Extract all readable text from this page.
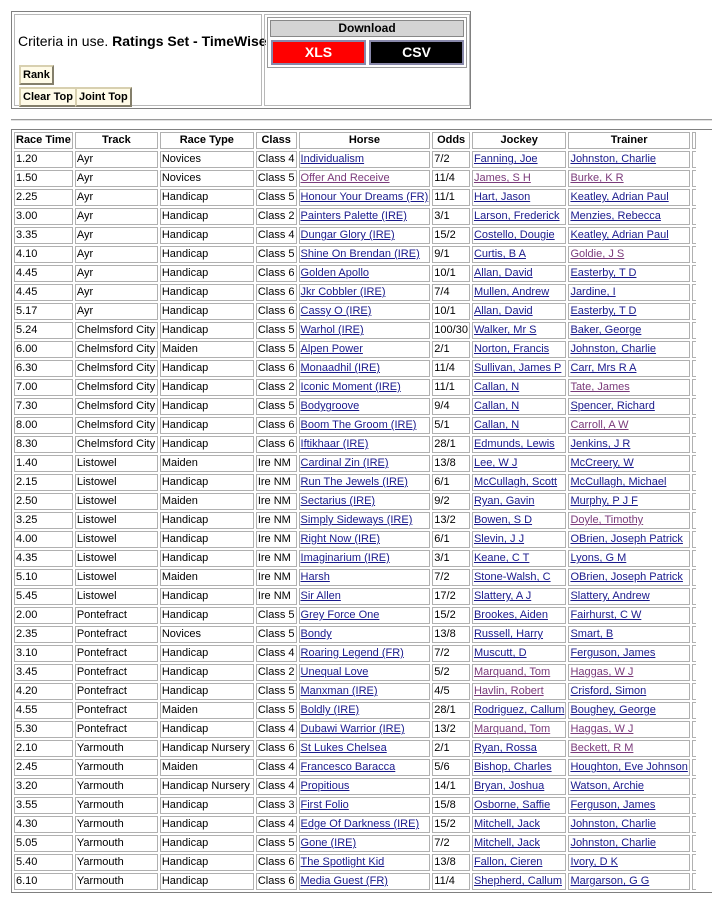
Criteria in use. Ratings Set - TimeWise
Rank
Clear Top Joint Top
Download
XLS	CSV
Race Time	Track	Race Type	Class	Horse	Odds	Jockey	Trainer	
1.20	Ayr	Novices	Class 4	Individualism	7/2	Fanning, Joe	Johnston, Charlie	
1.50	Ayr	Novices	Class 5	Offer And Receive	11/4	James, S H	Burke, K R	
2.25	Ayr	Handicap	Class 5	Honour Your Dreams (FR)	11/1	Hart, Jason	Keatley, Adrian Paul	
3.00	Ayr	Handicap	Class 2	Painters Palette (IRE)	3/1	Larson, Frederick	Menzies, Rebecca	
3.35	Ayr	Handicap	Class 4	Dungar Glory (IRE)	15/2	Costello, Dougie	Keatley, Adrian Paul	
4.10	Ayr	Handicap	Class 5	Shine On Brendan (IRE)	9/1	Curtis, B A	Goldie, J S	
4.45	Ayr	Handicap	Class 6	Golden Apollo	10/1	Allan, David	Easterby, T D	
4.45	Ayr	Handicap	Class 6	Jkr Cobbler (IRE)	7/4	Mullen, Andrew	Jardine, I	
5.17	Ayr	Handicap	Class 6	Cassy O (IRE)	10/1	Allan, David	Easterby, T D	
5.24	Chelmsford City	Handicap	Class 5	Warhol (IRE)	100/30	Walker, Mr S	Baker, George	
6.00	Chelmsford City	Maiden	Class 5	Alpen Power	2/1	Norton, Francis	Johnston, Charlie	
6.30	Chelmsford City	Handicap	Class 6	Monaadhil (IRE)	11/4	Sullivan, James P	Carr, Mrs R A	
7.00	Chelmsford City	Handicap	Class 2	Iconic Moment (IRE)	11/1	Callan, N	Tate, James	
7.30	Chelmsford City	Handicap	Class 5	Bodygroove	9/4	Callan, N	Spencer, Richard	
8.00	Chelmsford City	Handicap	Class 6	Boom The Groom (IRE)	5/1	Callan, N	Carroll, A W	
8.30	Chelmsford City	Handicap	Class 6	Iftikhaar (IRE)	28/1	Edmunds, Lewis	Jenkins, J R	
1.40	Listowel	Maiden	Ire NM	Cardinal Zin (IRE)	13/8	Lee, W J	McCreery, W	
2.15	Listowel	Handicap	Ire NM	Run The Jewels (IRE)	6/1	McCullagh, Scott	McCullagh, Michael	
2.50	Listowel	Maiden	Ire NM	Sectarius (IRE)	9/2	Ryan, Gavin	Murphy, P J F	
3.25	Listowel	Handicap	Ire NM	Simply Sideways (IRE)	13/2	Bowen, S D	Doyle, Timothy	
4.00	Listowel	Handicap	Ire NM	Right Now (IRE)	6/1	Slevin, J J	OBrien, Joseph Patrick	
4.35	Listowel	Handicap	Ire NM	Imaginarium (IRE)	3/1	Keane, C T	Lyons, G M	
5.10	Listowel	Maiden	Ire NM	Harsh	7/2	Stone-Walsh, C	OBrien, Joseph Patrick	
5.45	Listowel	Handicap	Ire NM	Sir Allen	17/2	Slattery, A J	Slattery, Andrew	
2.00	Pontefract	Handicap	Class 5	Grey Force One	15/2	Brookes, Aiden	Fairhurst, C W	
2.35	Pontefract	Novices	Class 5	Bondy	13/8	Russell, Harry	Smart, B	
3.10	Pontefract	Handicap	Class 4	Roaring Legend (FR)	7/2	Muscutt, D	Ferguson, James	
3.45	Pontefract	Handicap	Class 2	Unequal Love	5/2	Marquand, Tom	Haggas, W J	
4.20	Pontefract	Handicap	Class 5	Manxman (IRE)	4/5	Havlin, Robert	Crisford, Simon	
4.55	Pontefract	Maiden	Class 5	Boldly (IRE)	28/1	Rodriguez, Callum	Boughey, George	
5.30	Pontefract	Handicap	Class 4	Dubawi Warrior (IRE)	13/2	Marquand, Tom	Haggas, W J	
2.10	Yarmouth	Handicap Nursery	Class 6	St Lukes Chelsea	2/1	Ryan, Rossa	Beckett, R M	
2.45	Yarmouth	Maiden	Class 4	Francesco Baracca	5/6	Bishop, Charles	Houghton, Eve Johnson	
3.20	Yarmouth	Handicap Nursery	Class 4	Propitious	14/1	Bryan, Joshua	Watson, Archie	
3.55	Yarmouth	Handicap	Class 3	First Folio	15/8	Osborne, Saffie	Ferguson, James	
4.30	Yarmouth	Handicap	Class 4	Edge Of Darkness (IRE)	15/2	Mitchell, Jack	Johnston, Charlie	
5.05	Yarmouth	Handicap	Class 5	Gone (IRE)	7/2	Mitchell, Jack	Johnston, Charlie	
5.40	Yarmouth	Handicap	Class 6	The Spotlight Kid	13/8	Fallon, Cieren	Ivory, D K	
6.10	Yarmouth	Handicap	Class 6	Media Guest (FR)	11/4	Shepherd, Callum	Margarson, G G	
